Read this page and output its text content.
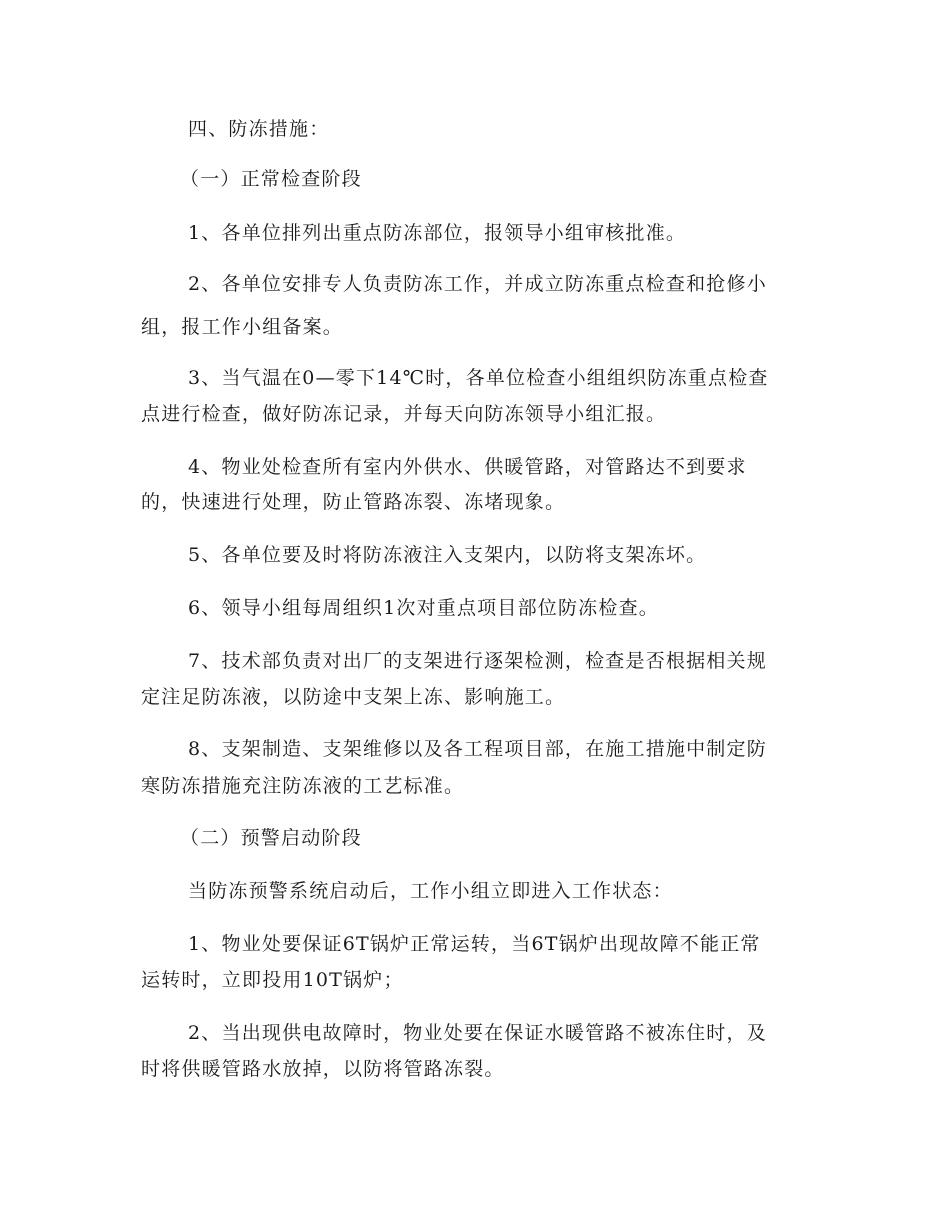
四、防冻措施：
（一）正常检查阶段
1、各单位排列出重点防冻部位，报领导小组审核批准。
2、各单位安排专人负责防冻工作，并成立防冻重点检查和抢修小
组，报工作小组备案。
3、当气温在0—零下14℃时，各单位检查小组组织防冻重点检查
点进行检查，做好防冻记录，并每天向防冻领导小组汇报。
4、物业处检查所有室内外供水、供暖管路，对管路达不到要求
的，快速进行处理，防止管路冻裂、冻堵现象。
5、各单位要及时将防冻液注入支架内，以防将支架冻坏。
6、领导小组每周组织1次对重点项目部位防冻检查。
7、技术部负责对出厂的支架进行逐架检测，检查是否根据相关规
定注足防冻液，以防途中支架上冻、影响施工。
8、支架制造、支架维修以及各工程项目部，在施工措施中制定防
寒防冻措施充注防冻液的工艺标准。
（二）预警启动阶段
当防冻预警系统启动后，工作小组立即进入工作状态：
1、物业处要保证6T锅炉正常运转，当6T锅炉出现故障不能正常
运转时，立即投用10T锅炉；
2、当出现供电故障时，物业处要在保证水暖管路不被冻住时，及
时将供暖管路水放掉，以防将管路冻裂。
